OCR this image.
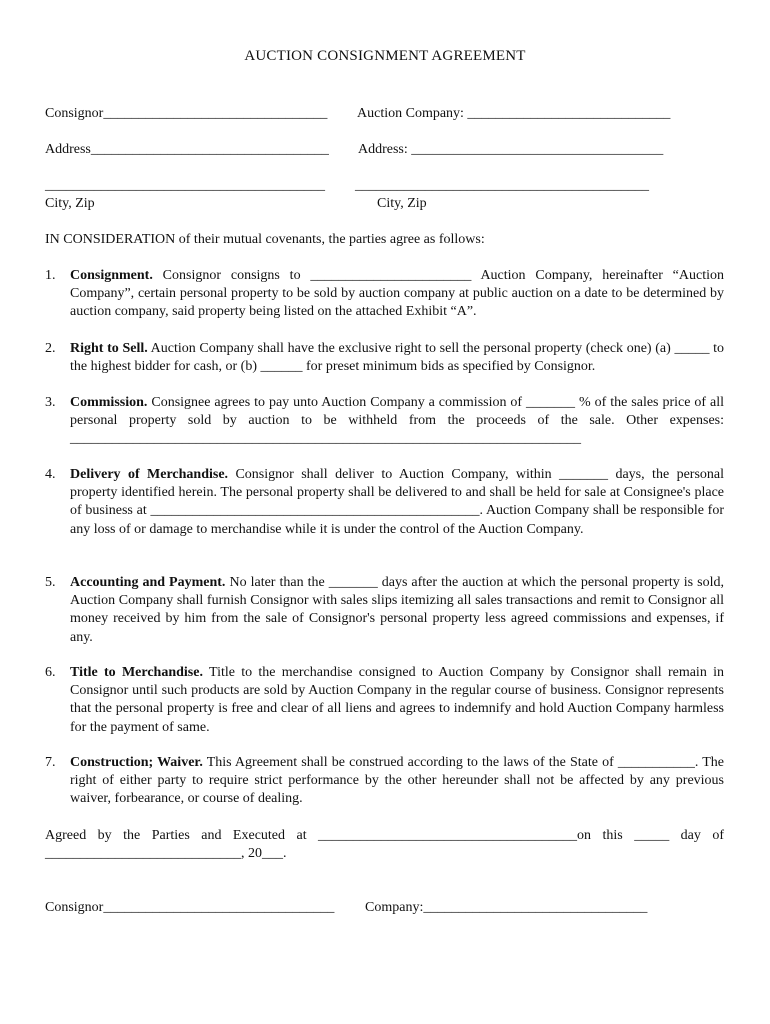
AUCTION CONSIGNMENT AGREEMENT
Consignor________________________________ Auction Company: _____________________________
Address__________________________________ Address: ____________________________________
________________________________________ __________________________________________
City, Zip	City, Zip
IN CONSIDERATION of their mutual covenants, the parties agree as follows:
1. Consignment. Consignor consigns to _______________________ Auction Company, hereinafter “Auction Company”, certain personal property to be sold by auction company at public auction on a date to be determined by auction company, said property being listed on the attached Exhibit “A”.
2. Right to Sell. Auction Company shall have the exclusive right to sell the personal property (check one) (a) _____ to the highest bidder for cash, or (b) ______ for preset minimum bids as specified by Consignor.
3. Commission. Consignee agrees to pay unto Auction Company a commission of _______ % of the sales price of all personal property sold by auction to be withheld from the proceeds of the sale. Other expenses: _________________________________________________________________________
4. Delivery of Merchandise. Consignor shall deliver to Auction Company, within _______ days, the personal property identified herein. The personal property shall be delivered to and shall be held for sale at Consignee's place of business at _______________________________________________. Auction Company shall be responsible for any loss of or damage to merchandise while it is under the control of the Auction Company.
5. Accounting and Payment. No later than the _______ days after the auction at which the personal property is sold, Auction Company shall furnish Consignor with sales slips itemizing all sales transactions and remit to Consignor all money received by him from the sale of Consignor's personal property less agreed commissions and expenses, if any.
6. Title to Merchandise. Title to the merchandise consigned to Auction Company by Consignor shall remain in Consignor until such products are sold by Auction Company in the regular course of business. Consignor represents that the personal property is free and clear of all liens and agrees to indemnify and hold Auction Company harmless for the payment of same.
7. Construction; Waiver. This Agreement shall be construed according to the laws of the State of ___________. The right of either party to require strict performance by the other hereunder shall not be affected by any previous waiver, forbearance, or course of dealing.
Agreed by the Parties and Executed at _____________________________________on this _____ day of ____________________________, 20___.
Consignor_________________________________ Company:________________________________
